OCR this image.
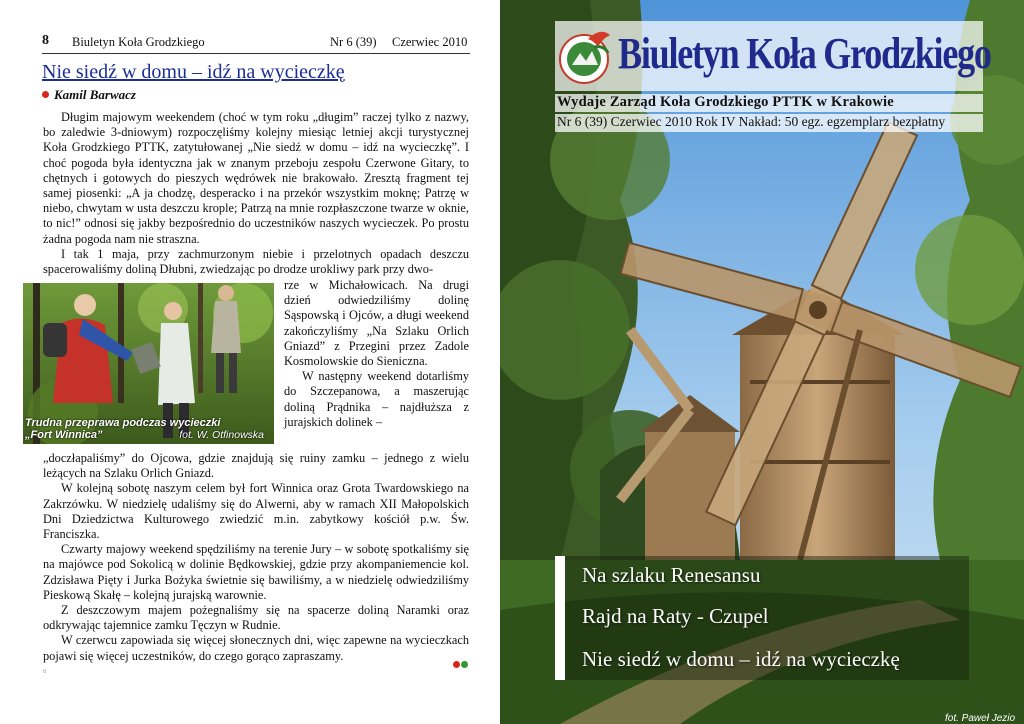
8 Biuletyn Koła Grodzkiego	Nr 6 (39) Czerwiec 2010
Nie siedź w domu – idź na wycieczkę
Kamil Barwacz

Długim majowym weekendem (choć w tym roku „długim” raczej tylko z nazwy, bo zaledwie 3-dniowym) rozpoczęliśmy kolejny miesiąc letniej akcji turystycznej Koła Grodzkiego PTTK, zatytułowanej „Nie siedź w domu – idź na wycieczkę”. I choć pogoda była identyczna jak w znanym przeboju zespołu Czerwone Gitary, to chętnych i gotowych do pieszych wędrówek nie brakowało. Zresztą fragment tej samej piosenki: „A ja chodzę, desperacko i na przekór wszystkim moknę; Patrzę w niebo, chwytam w usta deszczu krople; Patrzą na mnie rozpłaszczone twarze w oknie, to nic!” odnosi się jakby bezpośrednio do uczestników naszych wycieczek. Po prostu żadna pogoda nam nie straszna.

I tak 1 maja, przy zachmurzonym niebie i przelotnych opadach deszczu spacerowaliśmy doliną Dłubni, zwiedzając po drodze urokliwy park przy dwo-

Trudna przeprawa podczas wycieczki
„Fort Winnica”	fot. W. Otfinowska

rze w Michałowicach. Na drugi dzień odwiedziliśmy dolinę Sąspowską i Ojców, a długi weekend zakończyliśmy „Na Szlaku Orlich Gniazd” z Przegini przez Zadole Kosmolowskie do Sieniczna.

W następny weekend dotarliśmy do Szczepanowa, a maszerując doliną Prądnika – najdłuższa z jurajskich dolinek –

„doczłapaliśmy” do Ojcowa, gdzie znajdują się ruiny zamku – jednego z wielu leżących na Szlaku Orlich Gniazd.

W kolejną sobotę naszym celem był fort Winnica oraz Grota Twardowskiego na Zakrzówku. W niedzielę udaliśmy się do Alwerni, aby w ramach XII Małopolskich Dni Dziedzictwa Kulturowego zwiedzić m.in. zabytkowy kościół p.w. Św. Franciszka.

Czwarty majowy weekend spędziliśmy na terenie Jury – w sobotę spotkaliśmy się na majówce pod Sokolicą w dolinie Będkowskiej, gdzie przy akompaniemencie kol. Zdzisława Pięty i Jurka Bożyka świetnie się bawiliśmy, a w niedzielę odwiedziliśmy Pieskową Skałę – kolejną jurajską warownie.

Z deszczowym majem pożegnaliśmy się na spacerze doliną Naramki oraz odkrywając tajemnice zamku Tęczyn w Rudnie.

W czerwcu zapowiada się więcej słonecznych dni, więc zapewne na wycieczkach pojawi się więcej uczestników, do czego gorąco zapraszamy.

8
Biuletyn Koła Grodzkiego
Wydaje Zarząd Koła Grodzkiego PTTK w Krakowie
Nr 6 (39) Czerwiec 2010 Rok IV Nakład: 50 egz. egzemplarz bezpłatny
Na szlaku Renesansu
Rajd na Raty - Czupel
Nie siedź w domu – idź na wycieczkę
fot. Paweł Jezio
